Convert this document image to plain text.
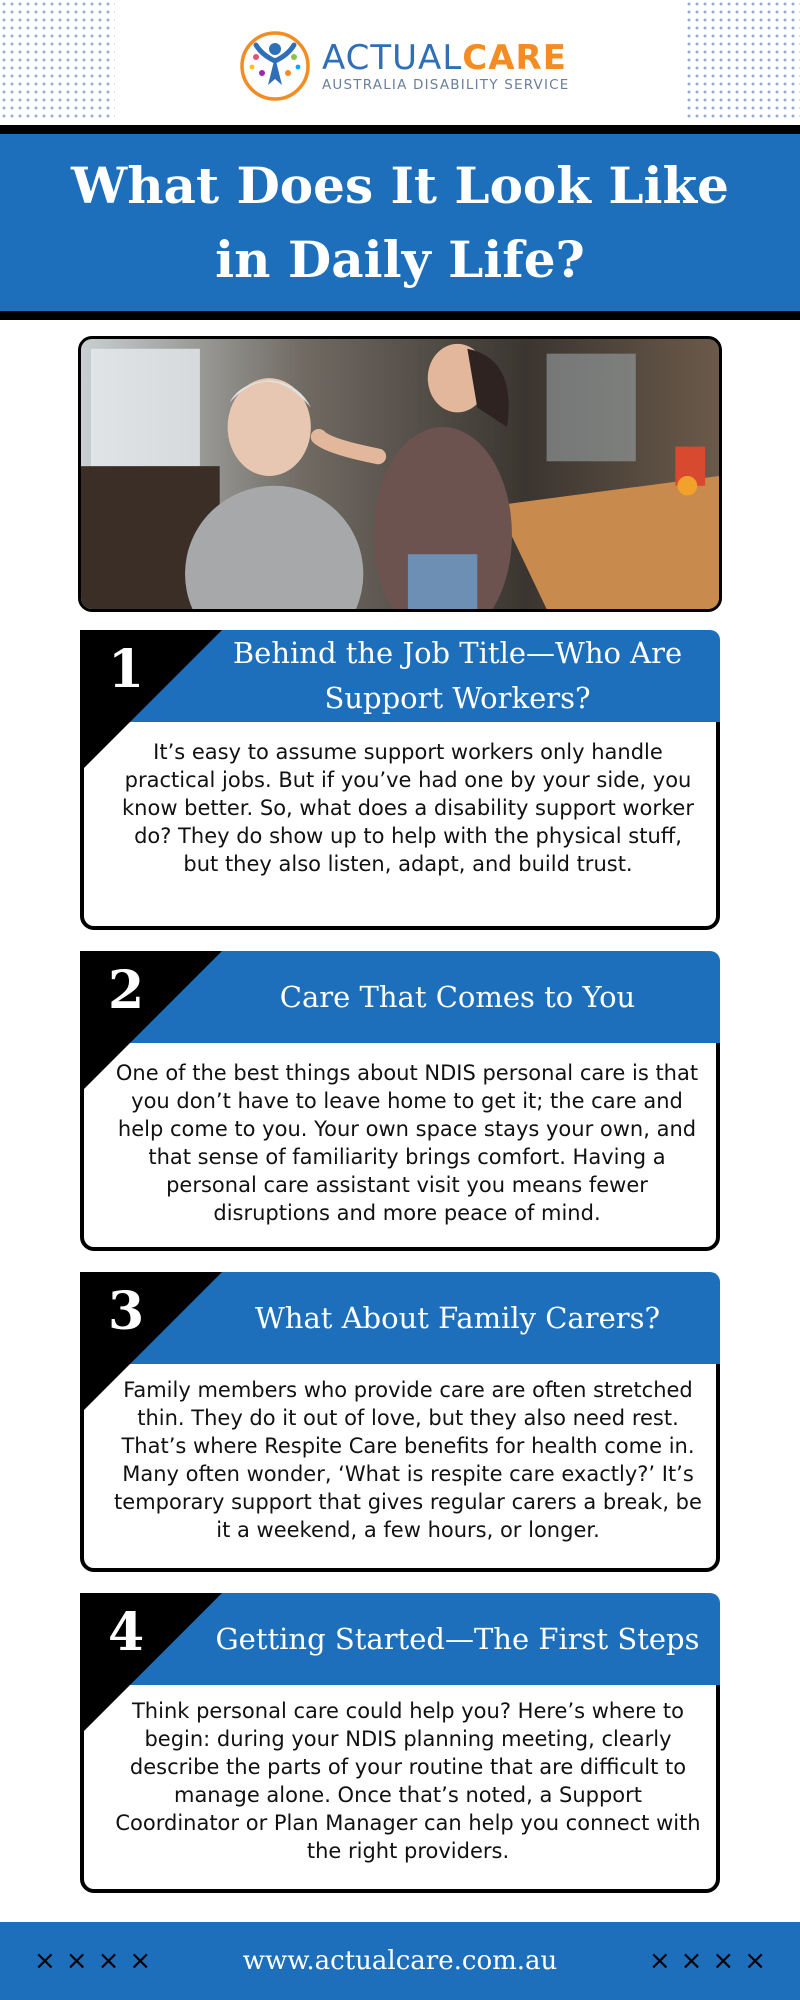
ACTUALCARE
AUSTRALIA DISABILITY SERVICE
What Does It Look Like in Daily Life?

It’s easy to assume support workers only handle practical jobs. But if you’ve had one by your side, you know better. So, what does a disability support worker do? They do show up to help with the physical stuff, but they also listen, adapt, and build trust.

1	Behind the Job Title—Who Are Support Workers?

One of the best things about NDIS personal care is that you don’t have to leave home to get it; the care and help come to you. Your own space stays your own, and that sense of familiarity brings comfort. Having a personal care assistant visit you means fewer disruptions and more peace of mind.

2	Care That Comes to You

Family members who provide care are often stretched thin. They do it out of love, but they also need rest. That’s where Respite Care benefits for health come in. Many often wonder, ‘What is respite care exactly?’ It’s temporary support that gives regular carers a break, be it a weekend, a few hours, or longer.

3	What About Family Carers?

Think personal care could help you? Here’s where to begin: during your NDIS planning meeting, clearly describe the parts of your routine that are difficult to manage alone. Once that’s noted, a Support Coordinator or Plan Manager can help you connect with the right providers.

4	Getting Started—The First Steps
××××	www.actualcare.com.au	××××
